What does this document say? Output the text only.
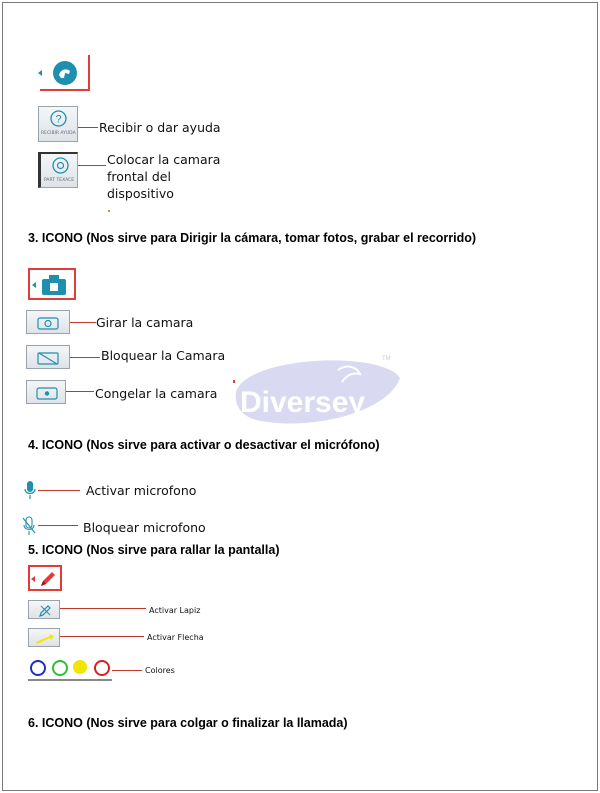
?
RECIBIR AYUDA Recibir o dar ayuda
PART TEXACE
Colocar la camara
frontal del
dispositivo
3. ICONO (Nos sirve para Dirigir la cámara, tomar fotos, grabar el recorrido)
Girar la camara
Bloquear la Camara
Congelar la camara Diversey
TM
4. ICONO (Nos sirve para activar o desactivar el micrófono)
Activar microfono
Bloquear microfono
5. ICONO (Nos sirve para rallar la pantalla)
Activar Lapiz
Activar Flecha
Colores
6. ICONO (Nos sirve para colgar o finalizar la llamada)
